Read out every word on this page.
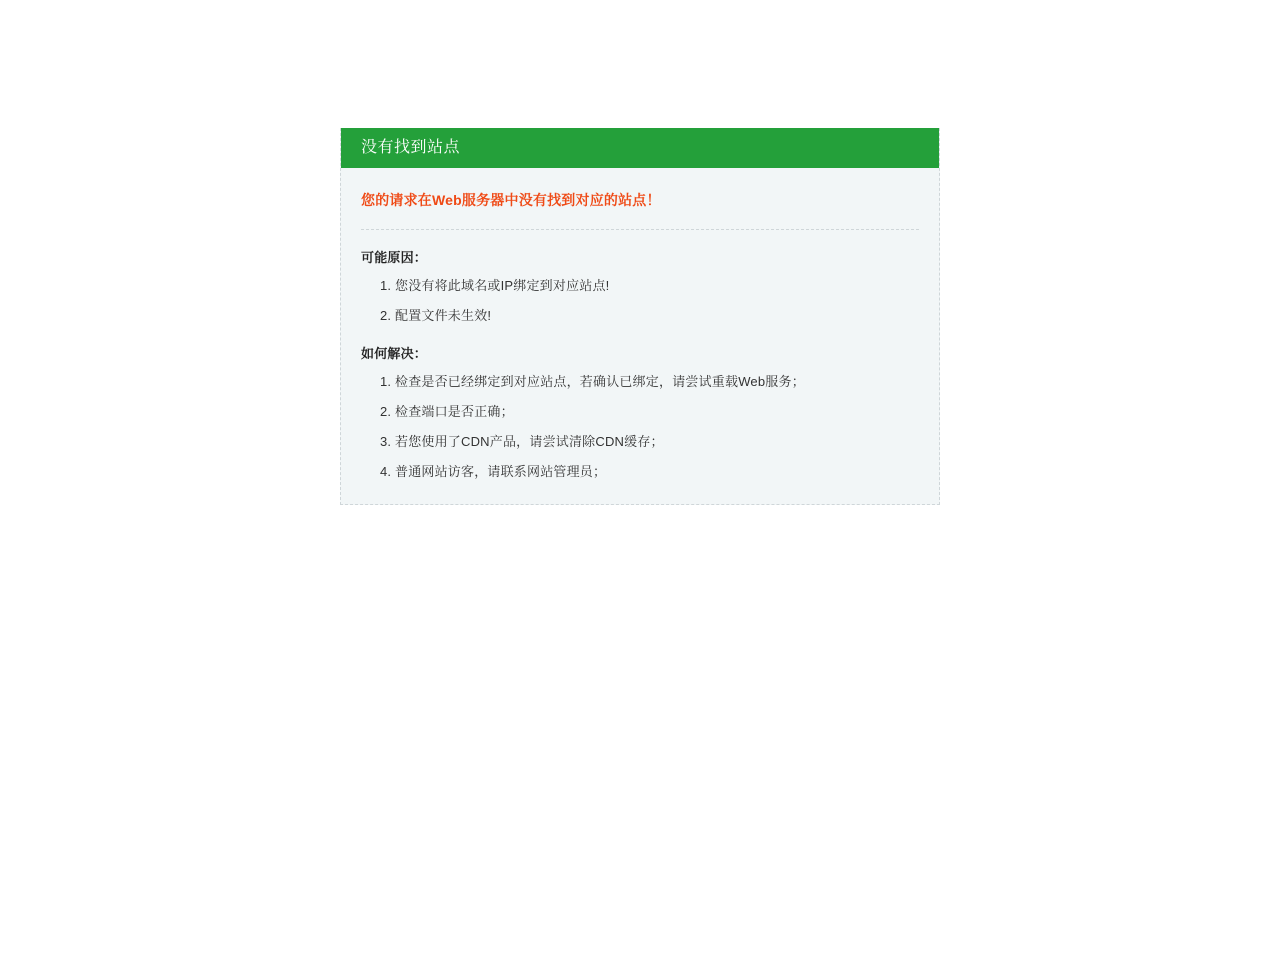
没有找到站点

您的请求在Web服务器中没有找到对应的站点！

可能原因：

1. 您没有将此域名或IP绑定到对应站点!
2. 配置文件未生效!

如何解决：

1. 检查是否已经绑定到对应站点，若确认已绑定，请尝试重载Web服务；
2. 检查端口是否正确；
3. 若您使用了CDN产品，请尝试清除CDN缓存；
4. 普通网站访客，请联系网站管理员；
